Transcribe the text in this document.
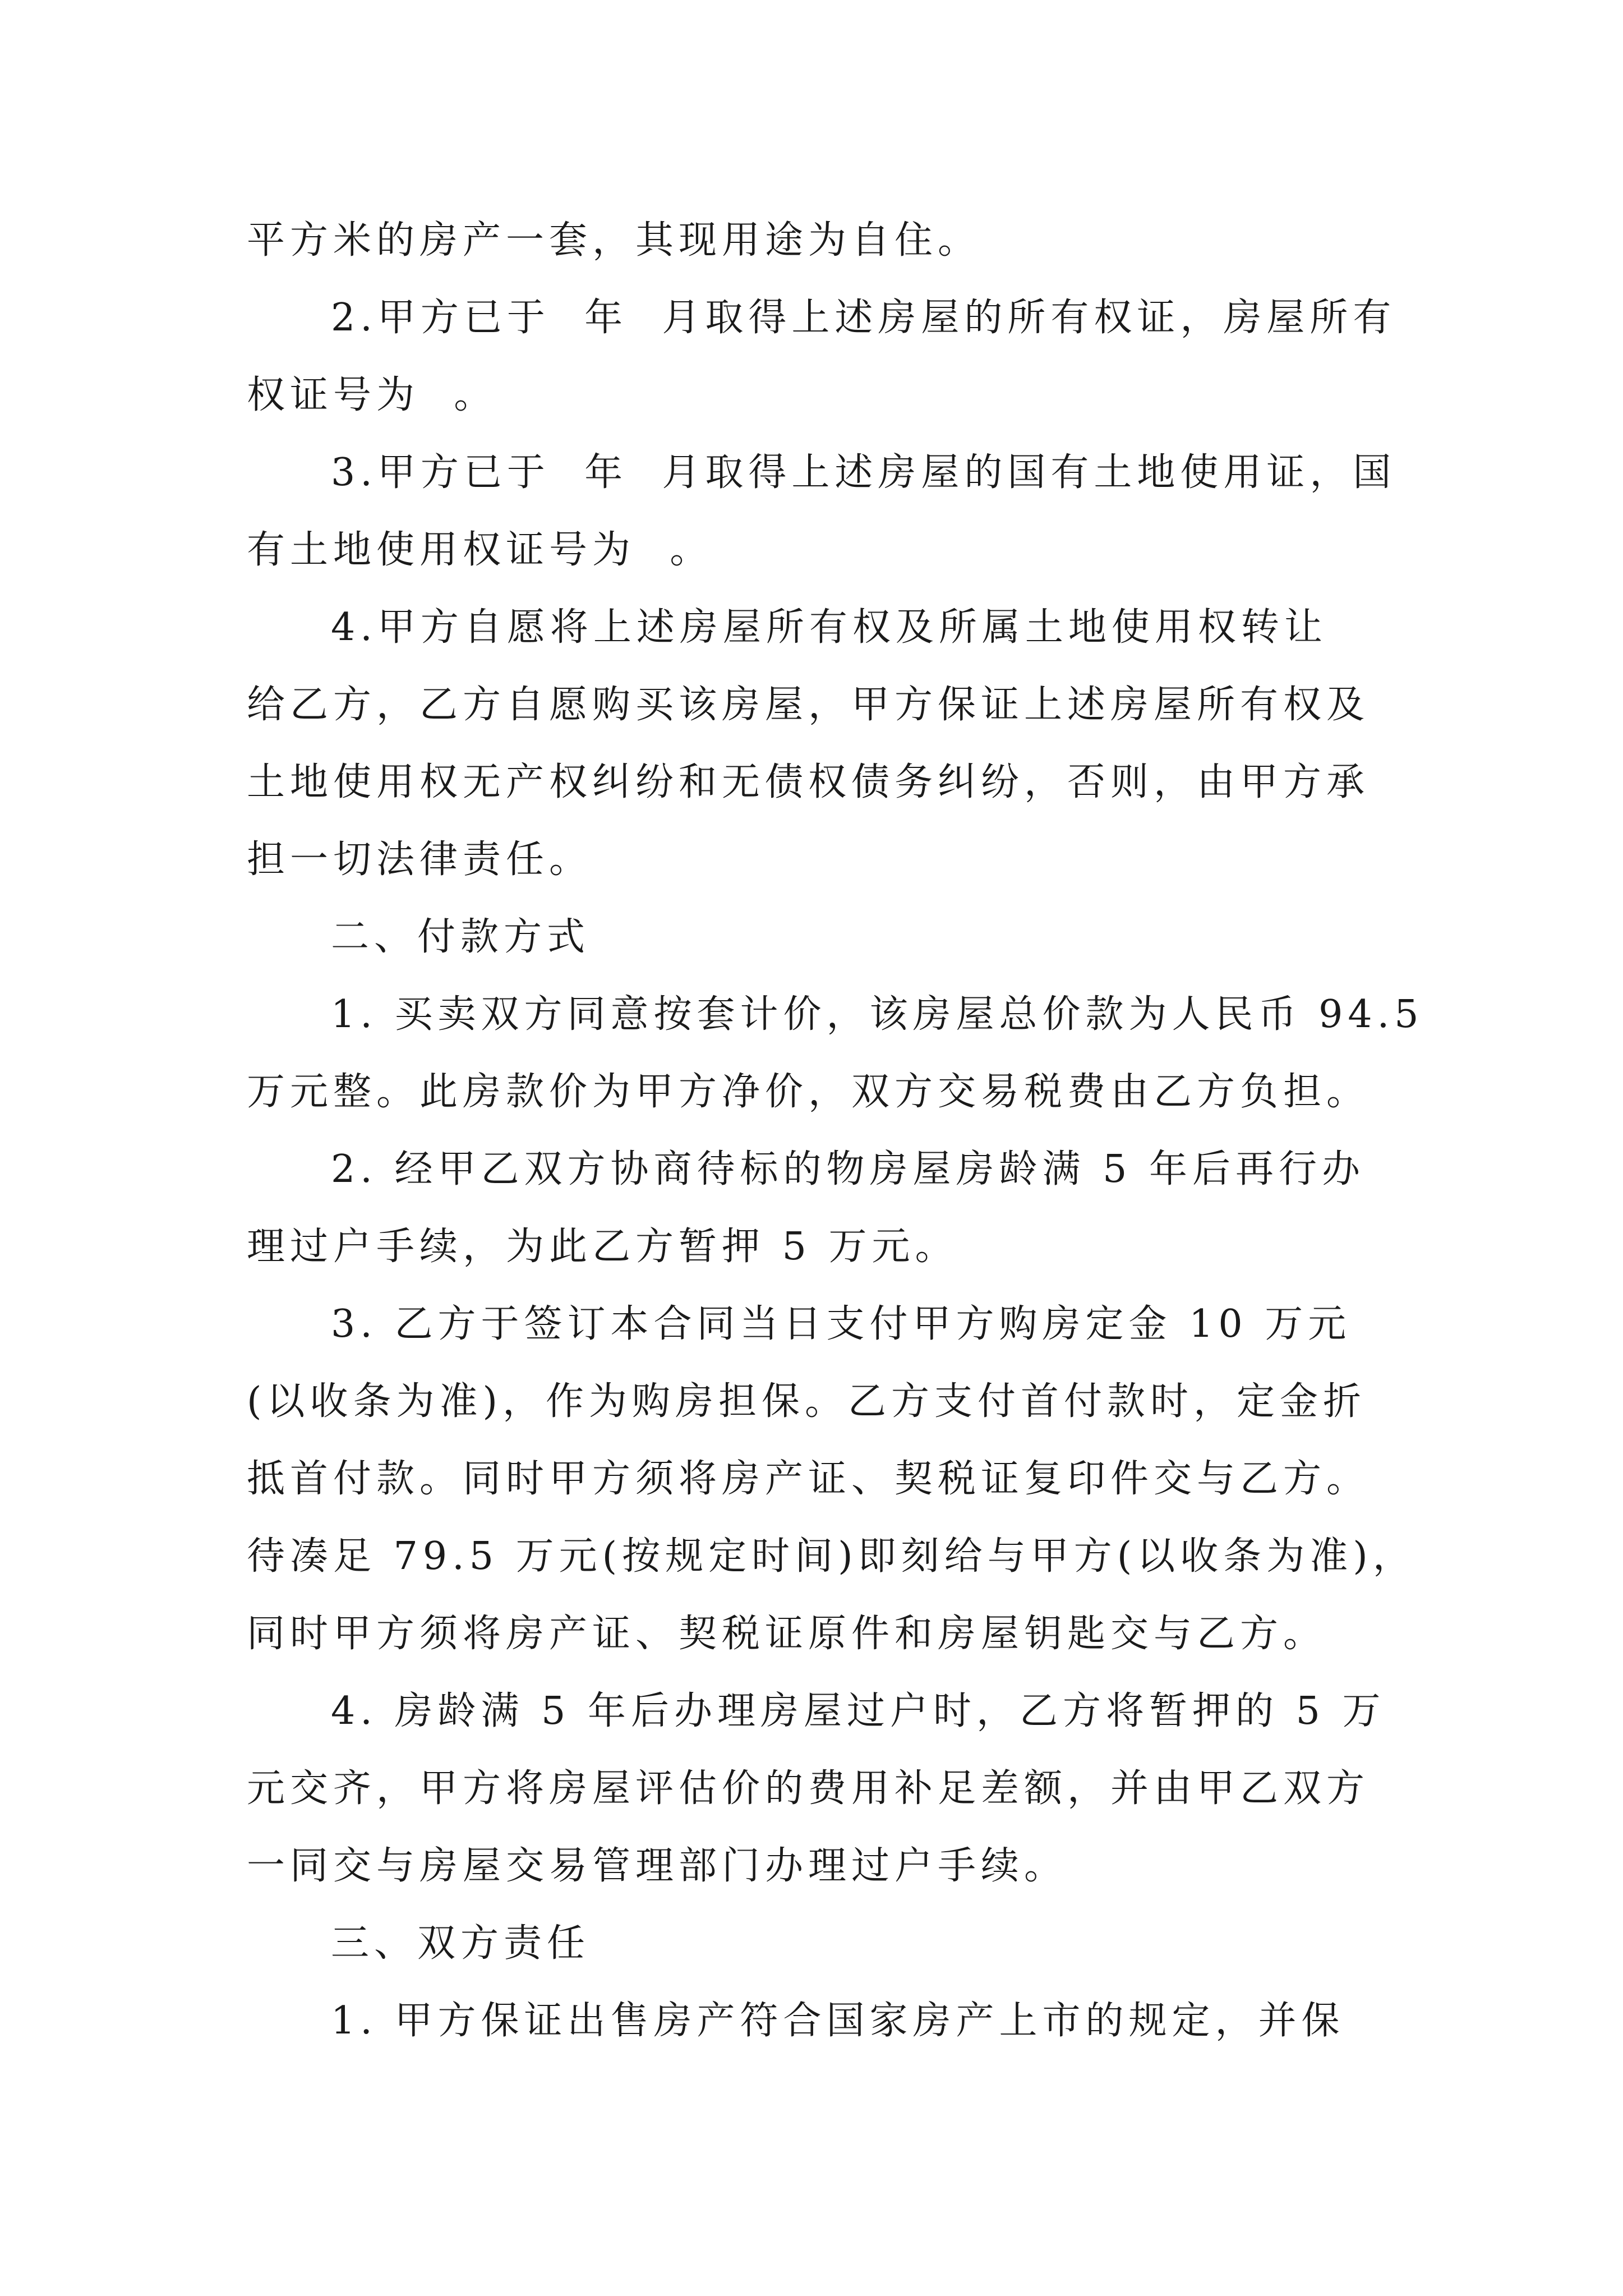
平方米的房产一套，其现用途为自住。
2.甲方已于  年  月取得上述房屋的所有权证，房屋所有
权证号为  。
3.甲方已于  年  月取得上述房屋的国有土地使用证，国
有土地使用权证号为  。
4.甲方自愿将上述房屋所有权及所属土地使用权转让
给乙方，乙方自愿购买该房屋，甲方保证上述房屋所有权及
土地使用权无产权纠纷和无债权债务纠纷，否则，由甲方承
担一切法律责任。
二、付款方式
1. 买卖双方同意按套计价，该房屋总价款为人民币 94.5
万元整。此房款价为甲方净价，双方交易税费由乙方负担。
2. 经甲乙双方协商待标的物房屋房龄满 5 年后再行办
理过户手续，为此乙方暂押 5 万元。
3. 乙方于签订本合同当日支付甲方购房定金 10 万元
(以收条为准)，作为购房担保。乙方支付首付款时，定金折
抵首付款。同时甲方须将房产证、契税证复印件交与乙方。
待凑足 79.5 万元(按规定时间)即刻给与甲方(以收条为准)，
同时甲方须将房产证、契税证原件和房屋钥匙交与乙方。
4. 房龄满 5 年后办理房屋过户时，乙方将暂押的 5 万
元交齐，甲方将房屋评估价的费用补足差额，并由甲乙双方
一同交与房屋交易管理部门办理过户手续。
三、双方责任
1. 甲方保证出售房产符合国家房产上市的规定，并保
